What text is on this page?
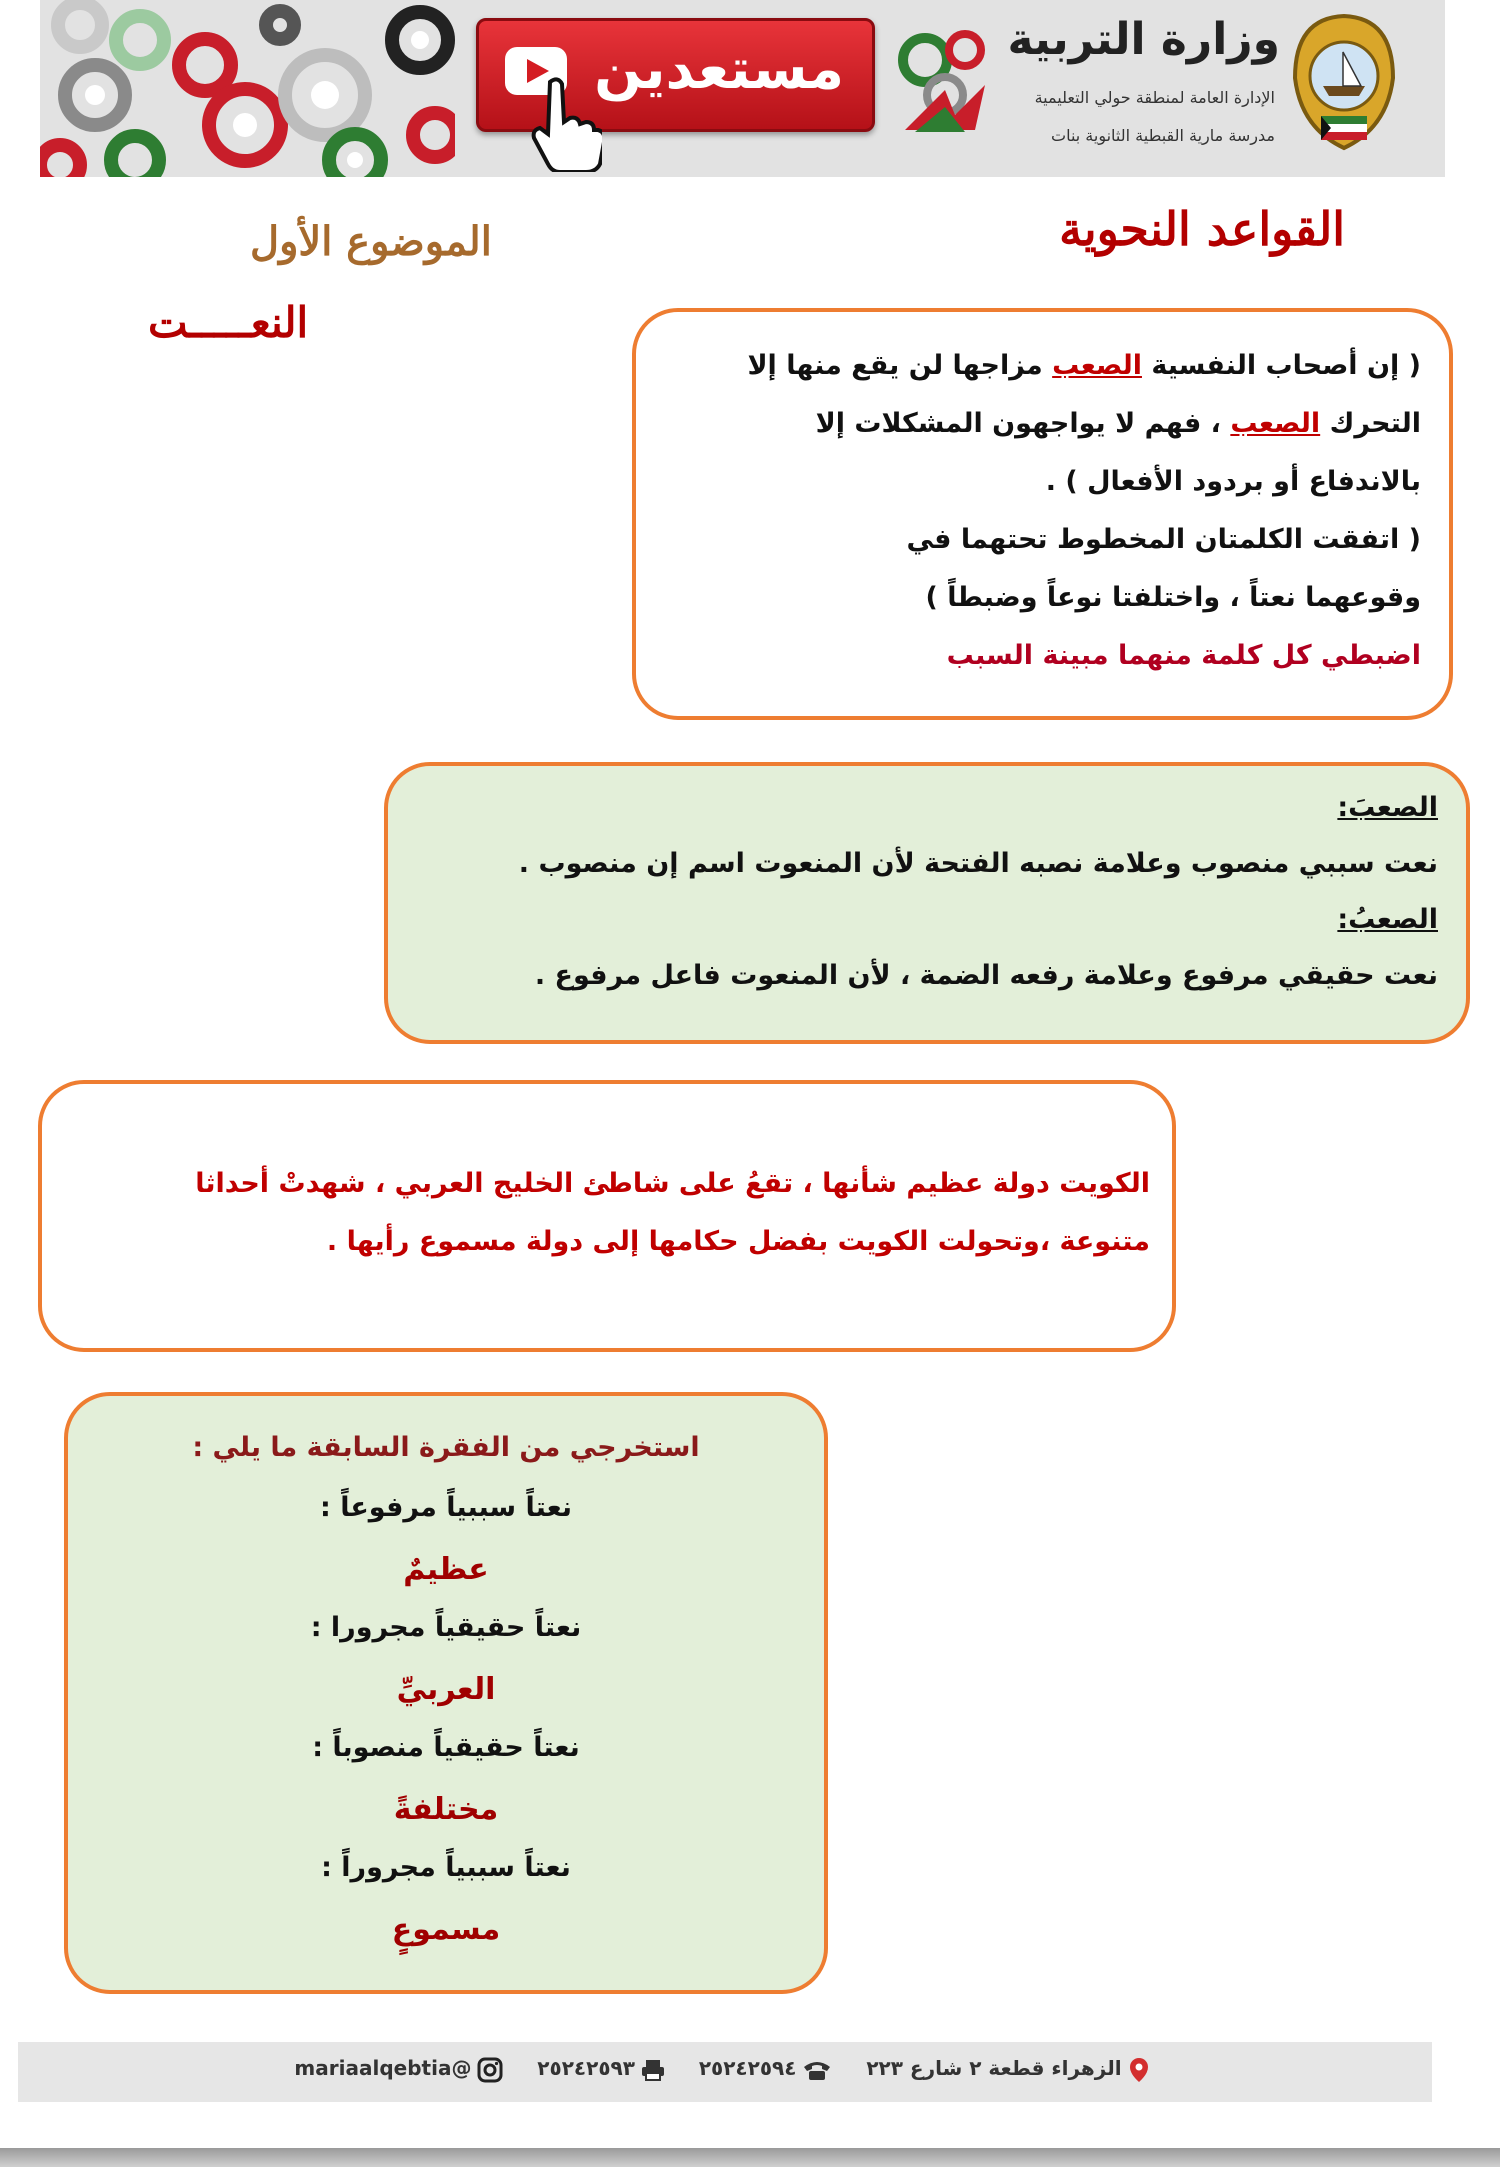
مستعدين	وزارة التربية
الإدارة العامة لمنطقة حولي التعليمية
مدرسة مارية القبطية الثانوية بنات
القواعد النحوية
الموضوع الأول
النعـــــت
( إن أصحاب النفسية الصعب مزاجها لن يقع منها إلا
التحرك الصعب ، فهم لا يواجهون المشكلات إلا
بالاندفاع أو بردود الأفعال ) .
( اتفقت الكلمتان المخطوط تحتهما في
وقوعهما نعتاً ، واختلفتا نوعاً وضبطاً )
اضبطي كل كلمة منهما مبينة السبب
الصعبَ:
نعت سببي منصوب وعلامة نصبه الفتحة لأن المنعوت اسم إن منصوب .
الصعبُ:
نعت حقيقي مرفوع وعلامة رفعه الضمة ، لأن المنعوت فاعل مرفوع .
الكويت دولة عظيم شأنها ، تقعُ على شاطئ الخليج العربي ، شهدتْ أحداثا
متنوعة ،وتحولت الكويت بفضل حكامها إلى دولة مسموع رأيها .
استخرجي من الفقرة السابقة ما يلي :
نعتاً سببياً مرفوعاً :
عظيمٌ
نعتاً حقيقياً مجرورا :
العربيِّ
نعتاً حقيقياً منصوباً :
مختلفةً
نعتاً سببياً مجروراً :
مسموعٍ
الزهراء قطعة ٢ شارع ٢٢٣    ٢٥٢٤٢٥٩٤    ٢٥٢٤٢٥٩٣    @mariaalqebtia
